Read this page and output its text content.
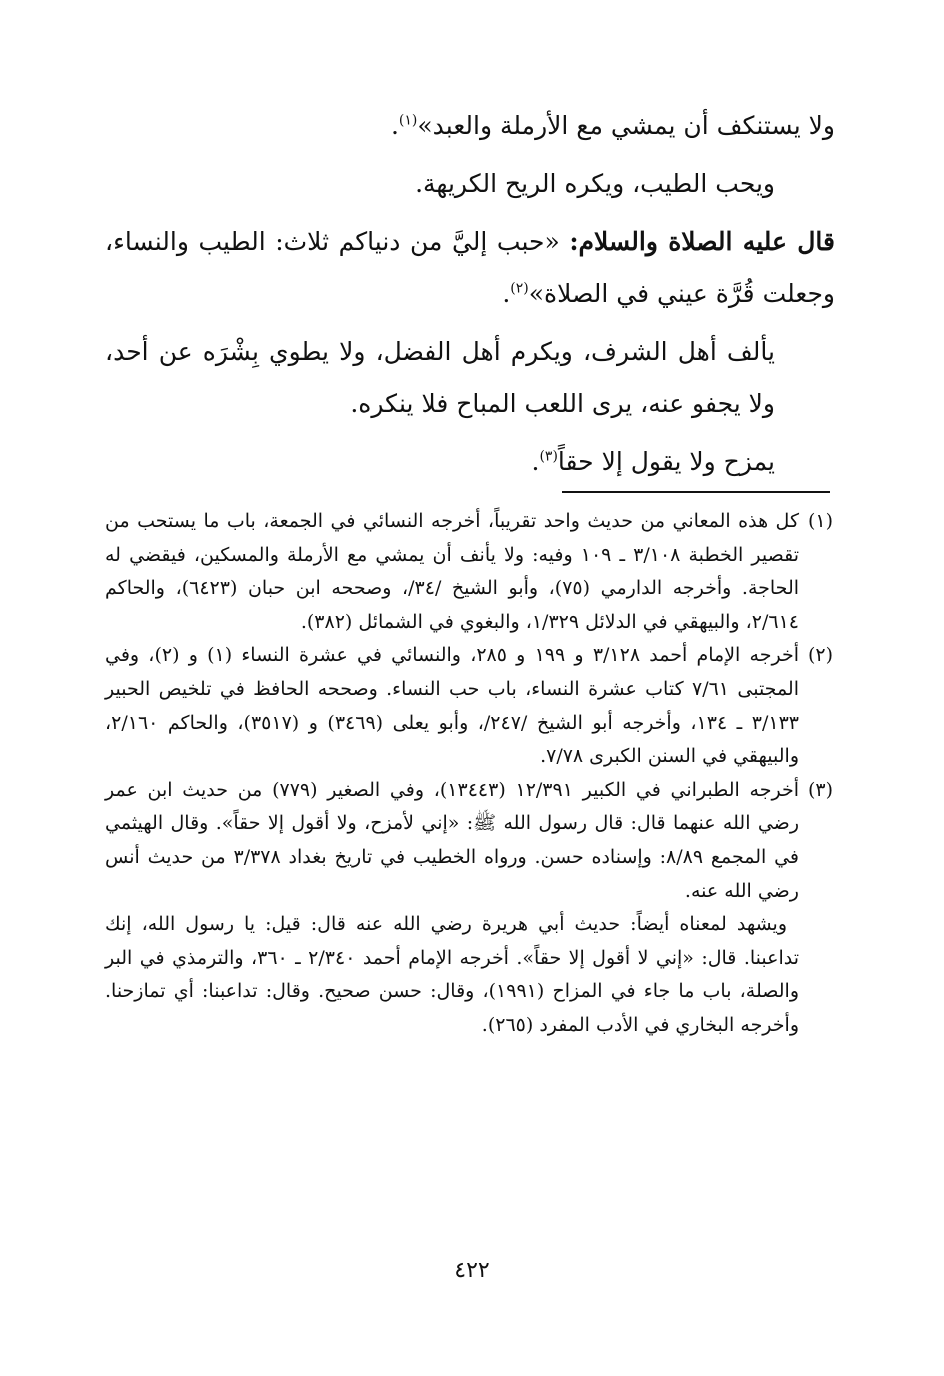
ولا يستنكف أن يمشي مع الأرملة والعبد»$^{(١)}$.

ويحب الطيب، ويكره الريح الكريهة.

قال عليه الصلاة والسلام: «حبب إليَّ من دنياكم ثلاث: الطيب والنساء، وجعلت قُرَّة عيني في الصلاة»$^{(٢)}$.

يألف أهل الشرف، ويكرم أهل الفضل، ولا يطوي بِشْرَه عن أحد، ولا يجفو عنه، يرى اللعب المباح فلا ينكره.

يمزح ولا يقول إلا حقاً$^{(٣)}$.

(١)
كل هذه المعاني من حديث واحد تقريباً، أخرجه النسائي في الجمعة، باب ما يستحب من تقصير الخطبة ٣/١٠٨ ـ ١٠٩ وفيه: ولا يأنف أن يمشي مع الأرملة والمسكين، فيقضي له الحاجة. وأخرجه الدارمي (٧٥)، وأبو الشيخ /٣٤/، وصححه ابن حبان (٦٤٢٣)، والحاكم ٢/٦١٤، والبيهقي في الدلائل ١/٣٢٩، والبغوي في الشمائل (٣٨٢).

(٢)
أخرجه الإمام أحمد ٣/١٢٨ و ١٩٩ و ٢٨٥، والنسائي في عشرة النساء (١) و (٢)، وفي المجتبى ٧/٦١ كتاب عشرة النساء، باب حب النساء. وصححه الحافظ في تلخيص الحبير ٣/١٣٣ ـ ١٣٤، وأخرجه أبو الشيخ /٢٤٧/، وأبو يعلى (٣٤٦٩) و (٣٥١٧)، والحاكم ٢/١٦٠، والبيهقي في السنن الكبرى ٧/٧٨.

(٣)
أخرجه الطبراني في الكبير ١٢/٣٩١ (١٣٤٤٣)، وفي الصغير (٧٧٩) من حديث ابن عمر رضي الله عنهما قال: قال رسول الله ﷺ: «إني لأمزح، ولا أقول إلا حقاً». وقال الهيثمي في المجمع ٨/٨٩: وإسناده حسن. ورواه الخطيب في تاريخ بغداد ٣/٣٧٨ من حديث أنس رضي الله عنه.

ويشهد لمعناه أيضاً: حديث أبي هريرة رضي الله عنه قال: قيل: يا رسول الله، إنك تداعبنا. قال: «إني لا أقول إلا حقاً». أخرجه الإمام أحمد ٢/٣٤٠ ـ ٣٦٠، والترمذي في البر والصلة، باب ما جاء في المزاح (١٩٩١)، وقال: حسن صحيح. وقال: تداعبنا: أي تمازحنا. وأخرجه البخاري في الأدب المفرد (٢٦٥).

٤٢٢
